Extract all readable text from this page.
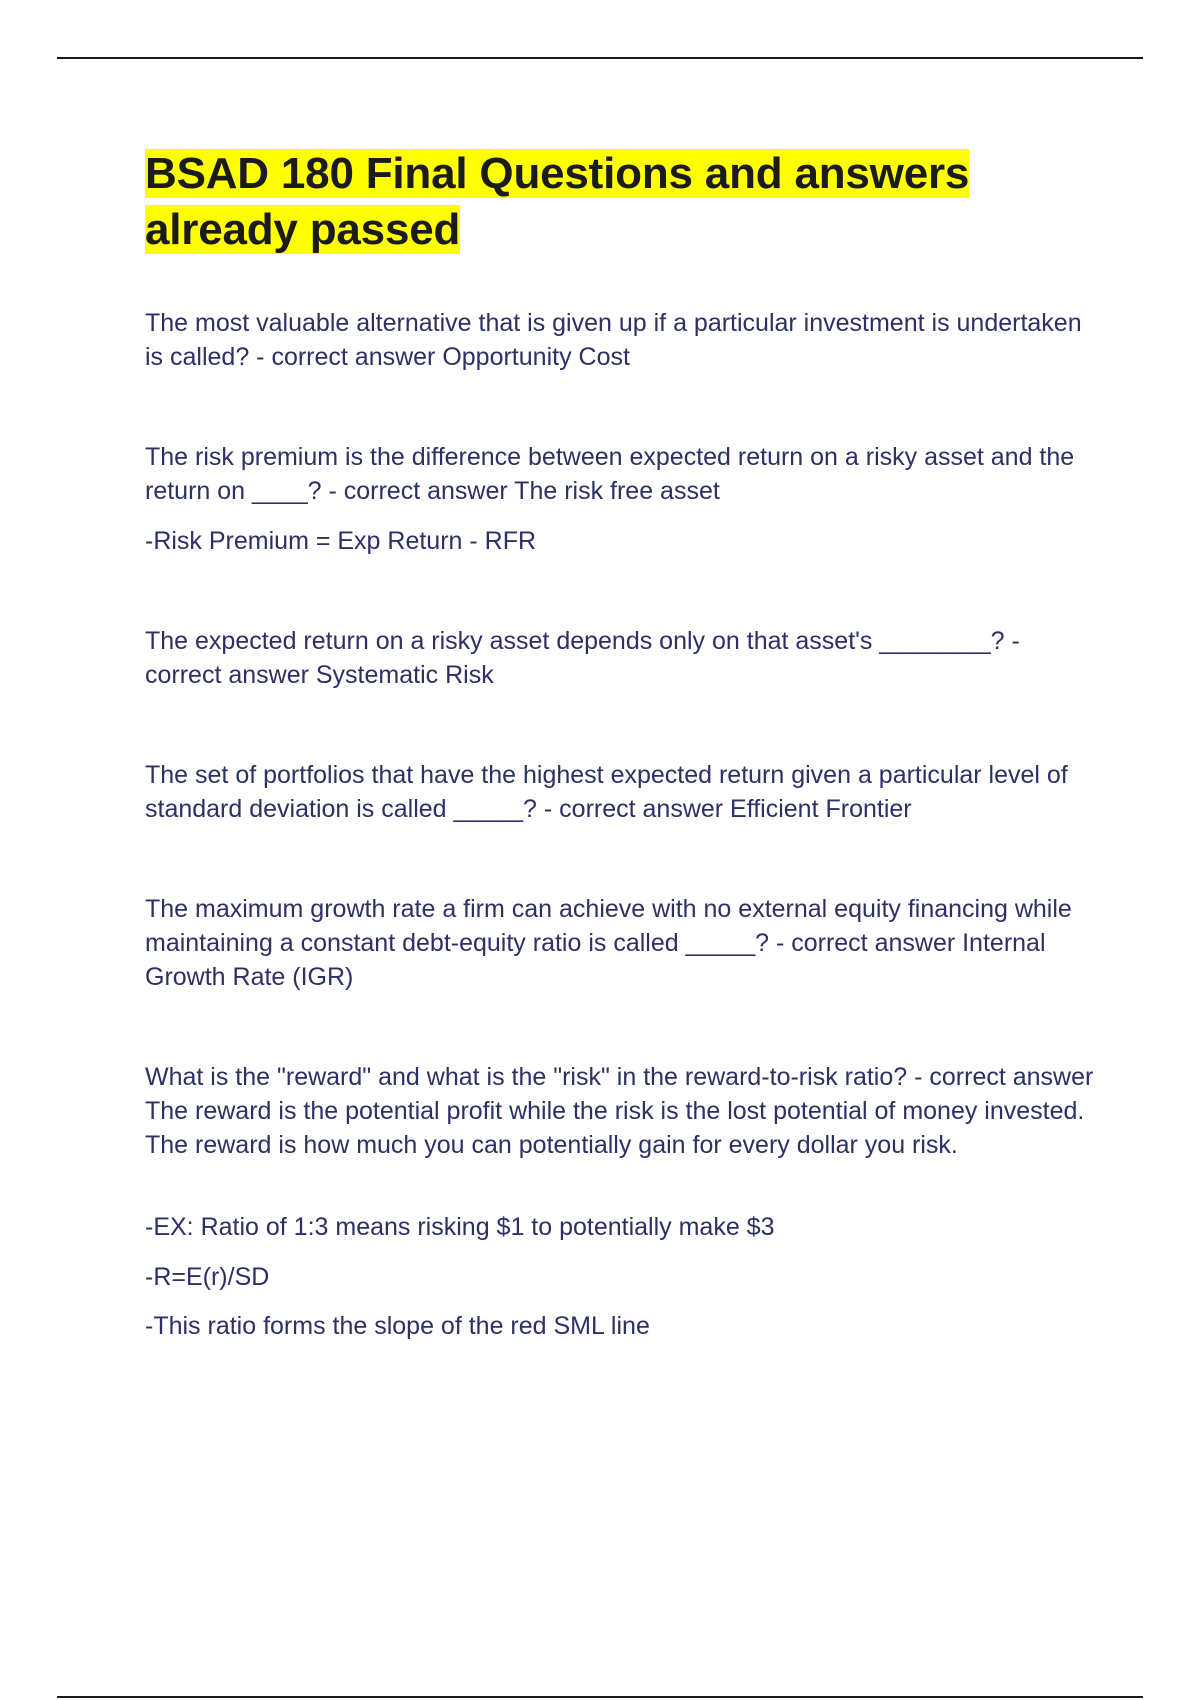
BSAD 180 Final Questions and answers already passed

The most valuable alternative that is given up if a particular investment is undertaken is called? - correct answer Opportunity Cost

The risk premium is the difference between expected return on a risky asset and the return on ____? - correct answer The risk free asset

-Risk Premium = Exp Return - RFR

The expected return on a risky asset depends only on that asset's ________? - correct answer Systematic Risk

The set of portfolios that have the highest expected return given a particular level of standard deviation is called _____? - correct answer Efficient Frontier

The maximum growth rate a firm can achieve with no external equity financing while maintaining a constant debt-equity ratio is called _____? - correct answer Internal Growth Rate (IGR)

What is the "reward" and what is the "risk" in the reward-to-risk ratio? - correct answer The reward is the potential profit while the risk is the lost potential of money invested. The reward is how much you can potentially gain for every dollar you risk.

-EX: Ratio of 1:3 means risking $1 to potentially make $3

-R=E(r)/SD

-This ratio forms the slope of the red SML line
